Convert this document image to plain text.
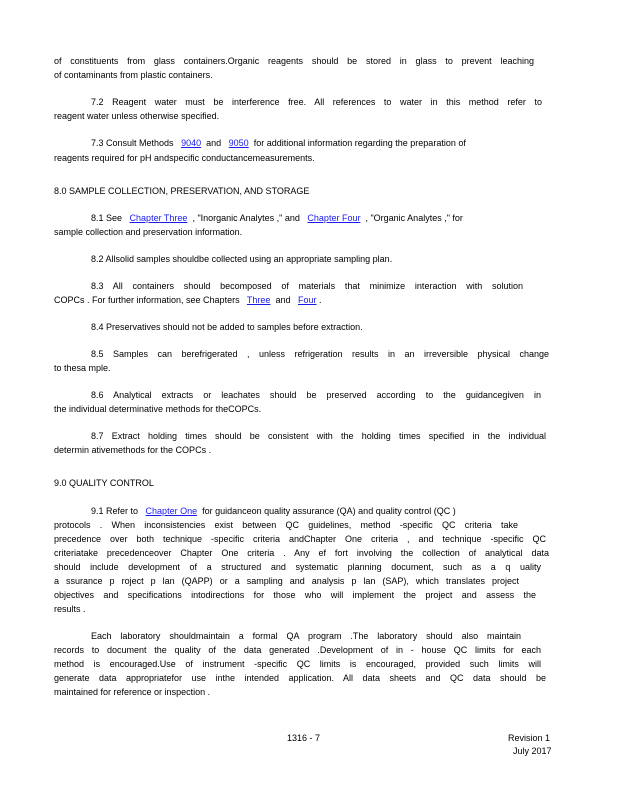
of constituents from glass containers.Organic reagents should be stored in glass to prevent leaching
of contaminants from plastic containers.
7.2 Reagent water must be interference free. All references to water in this method refer to
reagent water unless otherwise specified.
7.3 Consult Methods 9040 and 9050 for additional information regarding the preparation of
reagents required for pH andspecific conductancemeasurements.
8.0 SAMPLE COLLECTION, PRESERVATION, AND STORAGE
8.1 See Chapter Three , "Inorganic Analytes ," and Chapter Four , "Organic Analytes ," for
sample collection and preservation information.
8.2 Allsolid samples shouldbe collected using an appropriate sampling plan.
8.3 All containers should becomposed of materials that minimize interaction with solution
COPCs . For further information, see Chapters Three and Four .
8.4 Preservatives should not be added to samples before extraction.
8.5 Samples can berefrigerated , unless refrigeration results in an irreversible physical change
to thesa mple.
8.6 Analytical extracts or leachates should be preserved according to the guidancegiven in
the individual determinative methods for theCOPCs.
8.7 Extract holding times should be consistent with the holding times specified in the individual
determin ativemethods for the COPCs .
9.0 QUALITY CONTROL
9.1 Refer to Chapter One for guidanceon quality assurance (QA) and quality control (QC )
protocols . When inconsistencies exist between QC guidelines, method -specific QC criteria take
precedence over both technique -specific criteria andChapter One criteria , and technique -specific QC
criteriatake precedenceover Chapter One criteria . Any ef fort involving the collection of analytical data
should include development of a structured and systematic planning document, such as a q uality
a ssurance p roject p lan (QAPP) or a sampling and analysis p lan (SAP), which translates project
objectives and specifications intodirections for those who will implement the project and assess the
results .
Each laboratory shouldmaintain a formal QA program .The laboratory should also maintain
records to document the quality of the data generated .Development of in - house QC limits for each
method is encouraged.Use of instrument -specific QC limits is encouraged, provided such limits will
generate data appropriatefor use inthe intended application. All data sheets and QC data should be
maintained for reference or inspection .
1316 - 7	Revision 1
July 2017
